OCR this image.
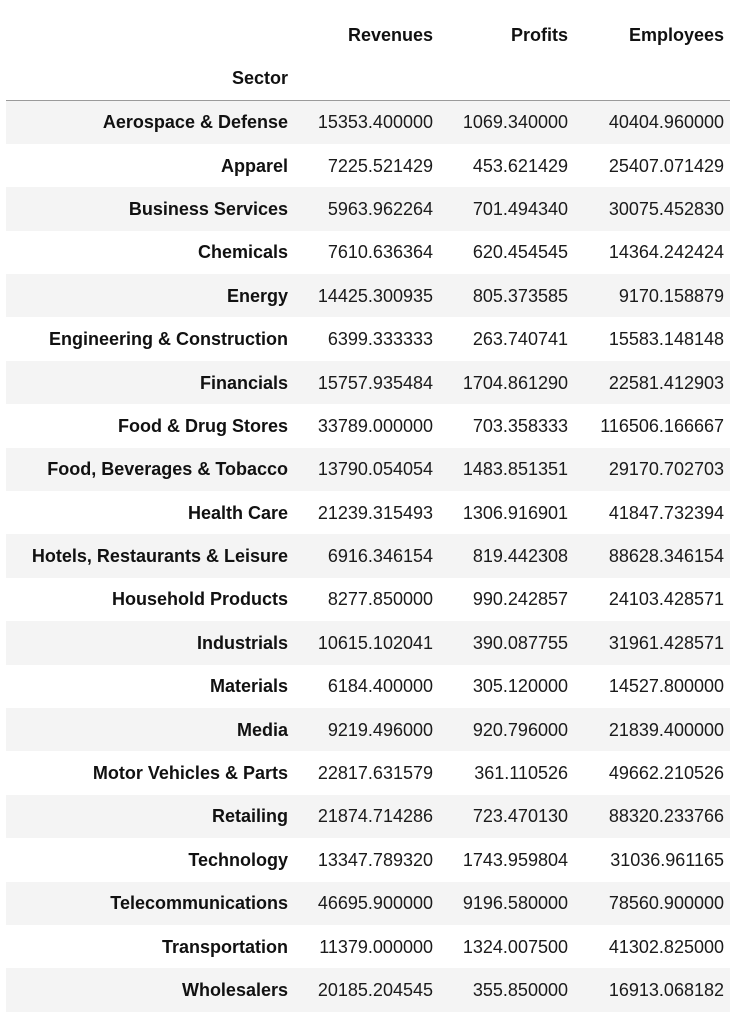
	Revenues	Profits	Employees
Sector			
Aerospace & Defense	15353.400000	1069.340000	40404.960000
Apparel	7225.521429	453.621429	25407.071429
Business Services	5963.962264	701.494340	30075.452830
Chemicals	7610.636364	620.454545	14364.242424
Energy	14425.300935	805.373585	9170.158879
Engineering & Construction	6399.333333	263.740741	15583.148148
Financials	15757.935484	1704.861290	22581.412903
Food & Drug Stores	33789.000000	703.358333	116506.166667
Food, Beverages & Tobacco	13790.054054	1483.851351	29170.702703
Health Care	21239.315493	1306.916901	41847.732394
Hotels, Restaurants & Leisure	6916.346154	819.442308	88628.346154
Household Products	8277.850000	990.242857	24103.428571
Industrials	10615.102041	390.087755	31961.428571
Materials	6184.400000	305.120000	14527.800000
Media	9219.496000	920.796000	21839.400000
Motor Vehicles & Parts	22817.631579	361.110526	49662.210526
Retailing	21874.714286	723.470130	88320.233766
Technology	13347.789320	1743.959804	31036.961165
Telecommunications	46695.900000	9196.580000	78560.900000
Transportation	11379.000000	1324.007500	41302.825000
Wholesalers	20185.204545	355.850000	16913.068182
